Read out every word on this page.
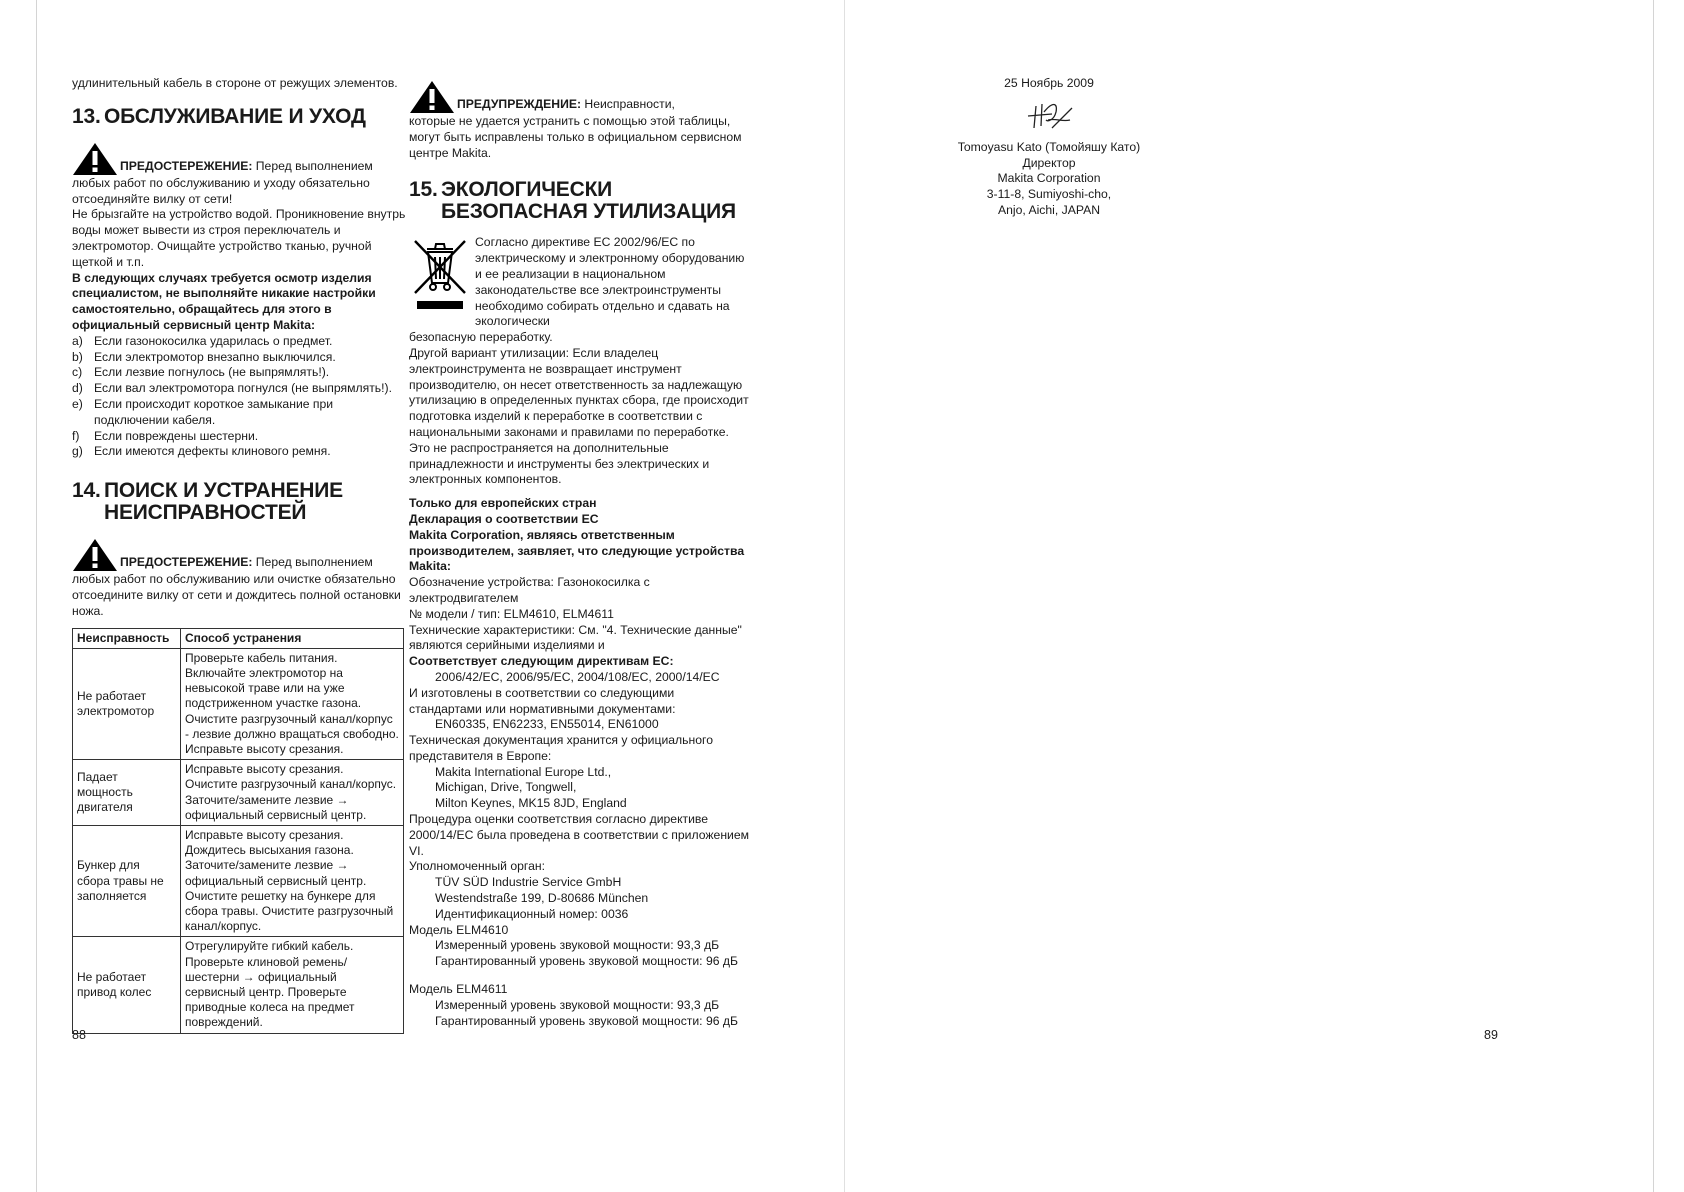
удлинительный кабель в стороне от режущих элементов.

13. ОБСЛУЖИВАНИЕ И УХОД

ПРЕДОСТЕРЕЖЕНИЕ: Перед выполнением

любых работ по обслуживанию и уходу обязательно отсоединяйте вилку от сети!

Не брызгайте на устройство водой. Проникновение внутрь воды может вывести из строя переключатель и электромотор. Очищайте устройство тканью, ручной щеткой и т.п.

В следующих случаях требуется осмотр изделия специалистом, не выполняйте никакие настройки самостоятельно, обращайтесь для этого в официальный сервисный центр Makita:

a) Если газонокосилка ударилась о предмет.
b) Если электромотор внезапно выключился.
c) Если лезвие погнулось (не выпрямлять!).
d) Если вал электромотора погнулся (не выпрямлять!).
e) Если происходит короткое замыкание при подключении кабеля.
f)	Если повреждены шестерни.
g) Если имеются дефекты клинового ремня.
14. ПОИСК И УСТРАНЕНИЕ
НЕИСПРАВНОСТЕЙ

ПРЕДОСТЕРЕЖЕНИЕ: Перед выполнением

любых работ по обслуживанию или очистке обязательно отсоедините вилку от сети и дождитесь полной остановки ножа.

Неисправность	Способ устранения
Не работает электромотор	Проверьте кабель питания. Включайте электромотор на невысокой траве или на уже подстриженном участке газона. Очистите разгрузочный канал/корпус - лезвие должно вращаться свободно. Исправьте высоту срезания.
Падает мощность двигателя	Исправьте высоту срезания. Очистите разгрузочный канал/корпус. Заточите/замените лезвие → официальный сервисный центр.
Бункер для сбора травы не заполняется	Исправьте высоту срезания. Дождитесь высыхания газона. Заточите/замените лезвие → официальный сервисный центр. Очистите решетку на бункере для сбора травы. Очистите разгрузочный канал/корпус.
Не работает привод колес	Отрегулируйте гибкий кабель. Проверьте клиновой ремень/шестерни → официальный сервисный центр. Проверьте приводные колеса на предмет повреждений.

ПРЕДУПРЕЖДЕНИЕ: Неисправности,

которые не удается устранить с помощью этой таблицы, могут быть исправлены только в официальном сервисном центре Makita.

15. ЭКОЛОГИЧЕСКИ
БЕЗОПАСНАЯ УТИЛИЗАЦИЯ

Согласно директиве ЕС 2002/96/ЕС по электрическому и электронному оборудованию и ее реализации в национальном законодательстве все электроинструменты необходимо собирать отдельно и сдавать на экологически

безопасную переработку.

Другой вариант утилизации: Если владелец электроинструмента не возвращает инструмент производителю, он несет ответственность за надлежащую утилизацию в определенных пунктах сбора, где происходит подготовка изделий к переработке в соответствии с национальными законами и правилами по переработке.

Это не распространяется на дополнительные принадлежности и инструменты без электрических и электронных компонентов.

Только для европейских стран

Декларация о соответствии ЕС

Makita Corporation, являясь ответственным производителем, заявляет, что следующие устройства Makita:

Обозначение устройства: Газонокосилка с электродвигателем

№ модели / тип: ELM4610, ELM4611

Технические характеристики: См. "4. Технические данные"

являются серийными изделиями и

Соответствует следующим директивам ЕС:

2006/42/EC, 2006/95/EC, 2004/108/EC, 2000/14/EC

И изготовлены в соответствии со следующими стандартами или нормативными документами:

EN60335, EN62233, EN55014, EN61000

Техническая документация хранится у официального представителя в Европе:

Makita International Europe Ltd.,

Michigan, Drive, Tongwell,

Milton Keynes, MK15 8JD, England

Процедура оценки соответствия согласно директиве 2000/14/EC была проведена в соответствии с приложением VI.

Уполномоченный орган:

TÜV SÜD Industrie Service GmbH

Westendstraße 199, D-80686 München

Идентификационный номер: 0036

Модель ELM4610

Измеренный уровень звуковой мощности: 93,3 дБ

Гарантированный уровень звуковой мощности: 96 дБ

Модель ELM4611

Измеренный уровень звуковой мощности: 93,3 дБ

Гарантированный уровень звуковой мощности: 96 дБ

88

25 Ноябрь 2009

Tomoyasu Kato (Томойяшу Като)

Директор

Makita Corporation

3-11-8, Sumiyoshi-cho,

Anjo, Aichi, JAPAN

89
